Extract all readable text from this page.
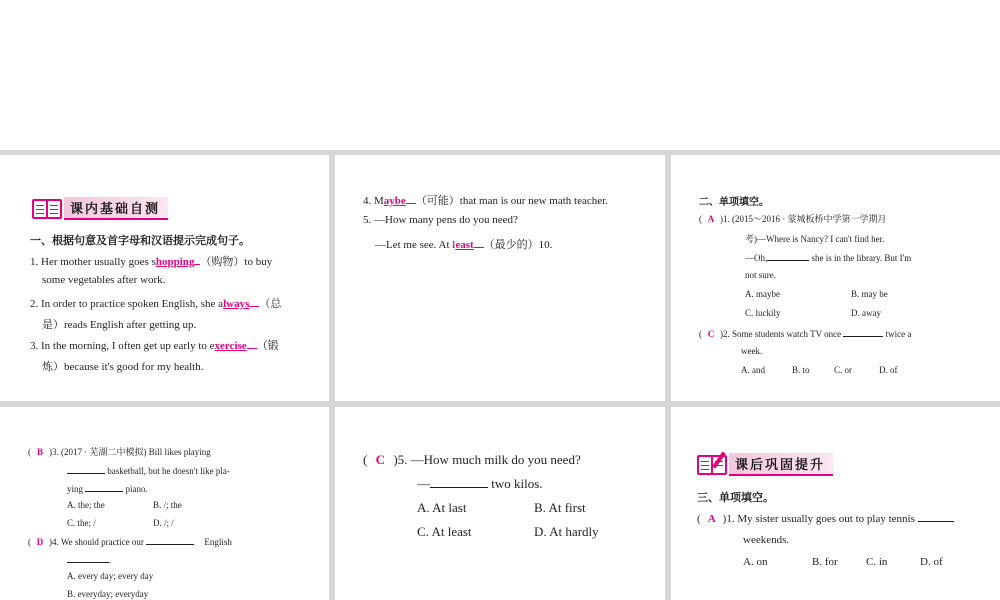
课内基础自测
一、根据句意及首字母和汉语提示完成句子。
1. Her mother usually goes shopping （购物）to buy
some vegetables after work.
2. In order to practice spoken English, she always （总
是）reads English after getting up.
3. In the morning, I often get up early to exercise （锻
炼）because it's good for my health.
4. Maybe （可能）that man is our new math teacher.
5. —How many pens do you need?
—Let me see. At least （最少的）10.
二、单项填空。
( A )1. (2015～2016 · 蒙城板桥中学第一学期月
考)—Where is Nancy? I can't find her.
—Oh,	she is in the library. But I'm
not sure.
A. maybe	B. may be
C. luckily	D. away
( C )2. Some students watch TV once	twice a
week.
A. and	B. to	C. or	D. of
( B )3. (2017 · 芜湖二中模拟) Bill likes playing
basketball, but he doesn't like pla-
ying	piano.
A. the; the	B. /; the
C. the; /	D. /; /
( D )4. We should practice our	English
.
A. every day; every day
B. everyday; everyday
( C )5. —How much milk do you need?
—	two kilos.
A. At last	B. At first
C. At least	D. At hardly
课后巩固提升
三、单项填空。
( A )1. My sister usually goes out to play tennis
weekends.
A. on	B. for	C. in	D. of
